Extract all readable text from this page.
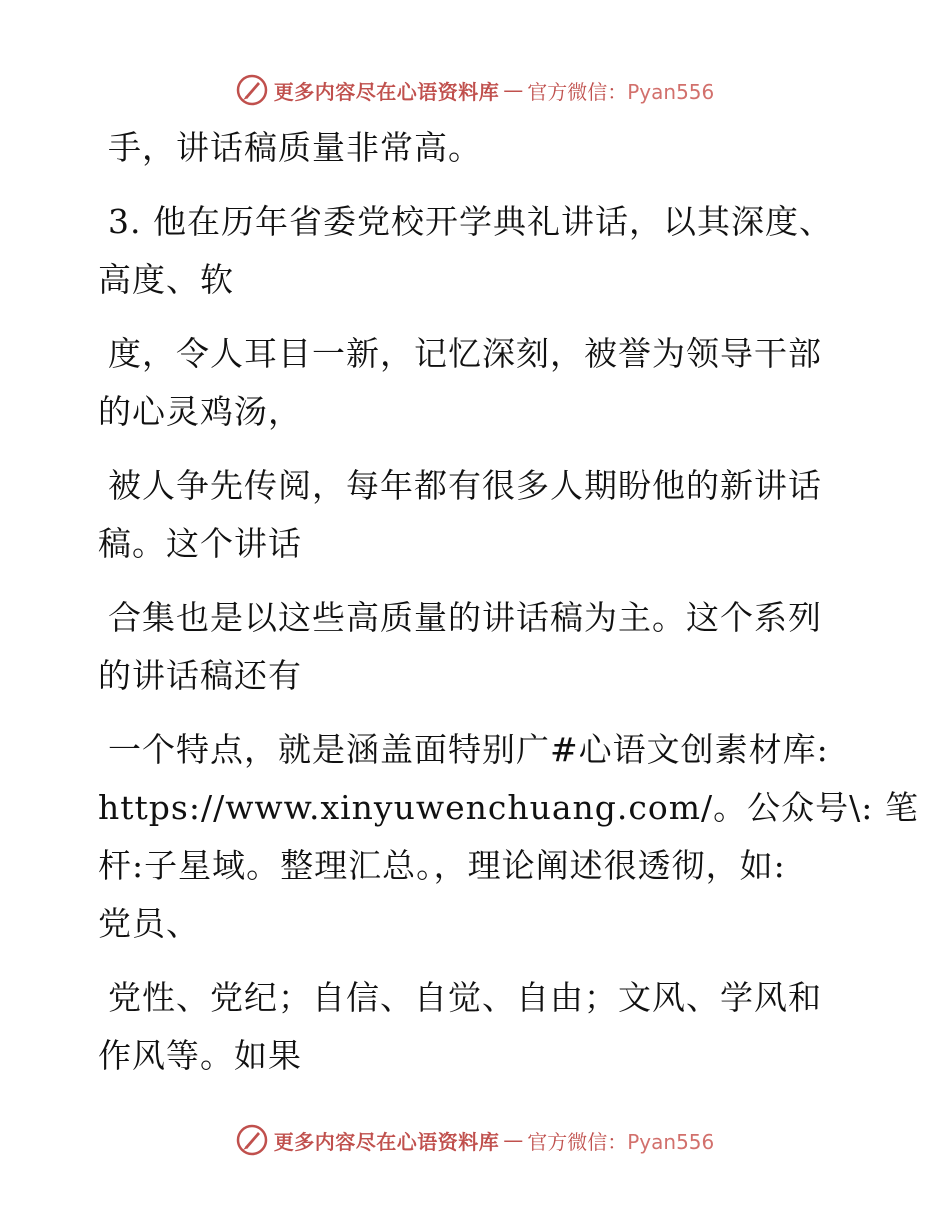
更多内容尽在心语资料库 — 官方微信：Pyan556
手，讲话稿质量非常高。
3. 他在历年省委党校开学典礼讲话，以其深度、
高度、软
度，令人耳目一新，记忆深刻，被誉为领导干部
的心灵鸡汤，
被人争先传阅，每年都有很多人期盼他的新讲话
稿。这个讲话
合集也是以这些高质量的讲话稿为主。这个系列
的讲话稿还有
一个特点，就是涵盖面特别广#心语文创素材库:
https://www.xinyuwenchuang.com/。公众号\: 笔
杆:子星域。整理汇总。，理论阐述很透彻，如:
党员、
党性、党纪；自信、自觉、自由；文风、学风和
作风等。如果
更多内容尽在心语资料库 — 官方微信：Pyan556
